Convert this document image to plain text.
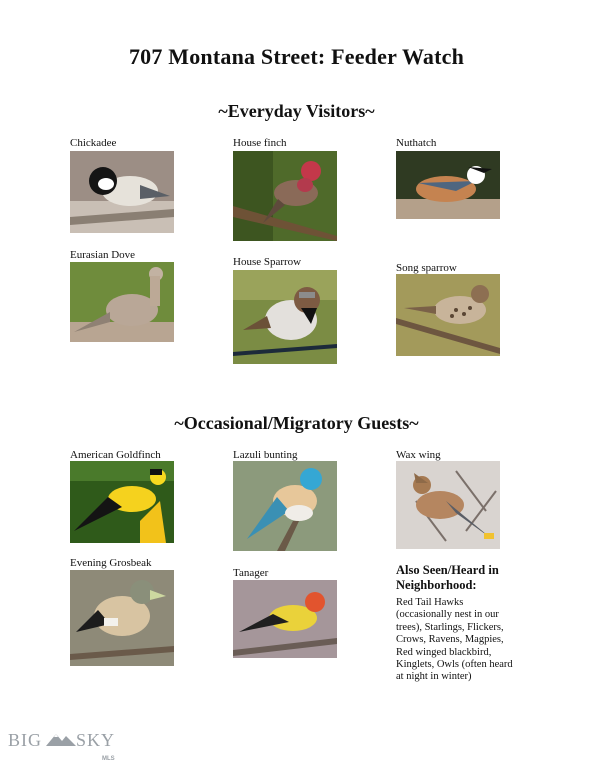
707 Montana Street: Feeder Watch
~Everyday Visitors~
Chickadee	House finch	Nuthatch
Eurasian Dove
House Sparrow	Song sparrow
~Occasional/Migratory Guests~
American Goldfinch	Lazuli bunting	Wax wing
Evening Grosbeak
Tanager	Also Seen/Heard in Neighborhood:
Red Tail Hawks (occasionally nest in our trees), Starlings, Flickers, Crows, Ravens, Magpies, Red winged blackbird, Kinglets, Owls (often heard at night in winter)
BIG SKY
MLS
